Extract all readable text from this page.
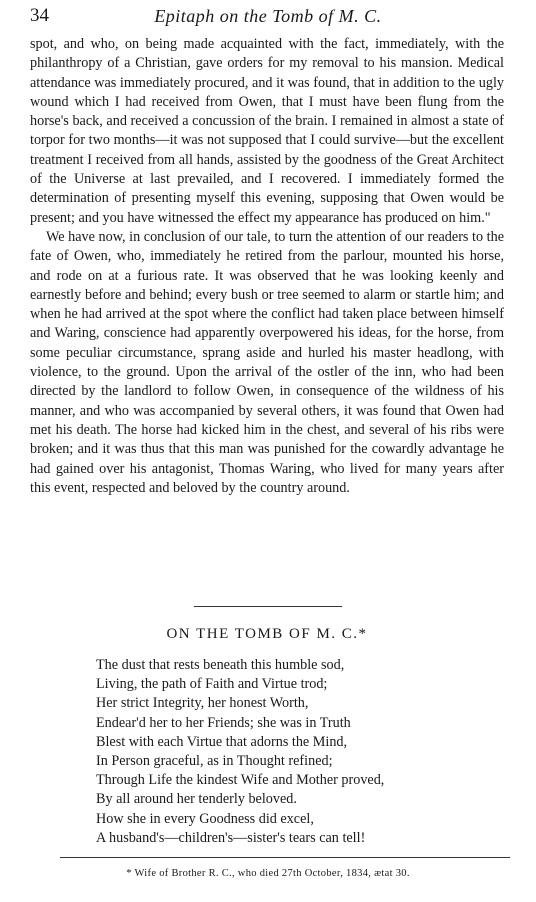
34	Epitaph on the Tomb of M. C.

spot, and who, on being made acquainted with the fact, immediately, with the philanthropy of a Christian, gave orders for my removal to his mansion. Medical attendance was immediately procured, and it was found, that in addition to the ugly wound which I had received from Owen, that I must have been flung from the horse's back, and received a concussion of the brain. I remained in almost a state of torpor for two months—it was not supposed that I could survive—but the excellent treatment I received from all hands, assisted by the goodness of the Great Architect of the Universe at last prevailed, and I recovered. I immediately formed the determination of presenting myself this evening, supposing that Owen would be present; and you have witnessed the effect my appearance has produced on him."

We have now, in conclusion of our tale, to turn the attention of our readers to the fate of Owen, who, immediately he retired from the parlour, mounted his horse, and rode on at a furious rate. It was observed that he was looking keenly and earnestly before and behind; every bush or tree seemed to alarm or startle him; and when he had arrived at the spot where the conflict had taken place between himself and Waring, conscience had apparently overpowered his ideas, for the horse, from some peculiar circumstance, sprang aside and hurled his master headlong, with violence, to the ground. Upon the arrival of the ostler of the inn, who had been directed by the landlord to follow Owen, in consequence of the wildness of his manner, and who was accompanied by several others, it was found that Owen had met his death. The horse had kicked him in the chest, and several of his ribs were broken; and it was thus that this man was punished for the cowardly advantage he had gained over his antagonist, Thomas Waring, who lived for many years after this event, respected and beloved by the country around.

ON THE TOMB OF M. C.*
The dust that rests beneath this humble sod,
Living, the path of Faith and Virtue trod;
Her strict Integrity, her honest Worth,
Endear'd her to her Friends; she was in Truth
Blest with each Virtue that adorns the Mind,
In Person graceful, as in Thought refined;
Through Life the kindest Wife and Mother proved,
By all around her tenderly beloved.
How she in every Goodness did excel,
A husband's—children's—sister's tears can tell!
* Wife of Brother R. C., who died 27th October, 1834, ætat 30.
